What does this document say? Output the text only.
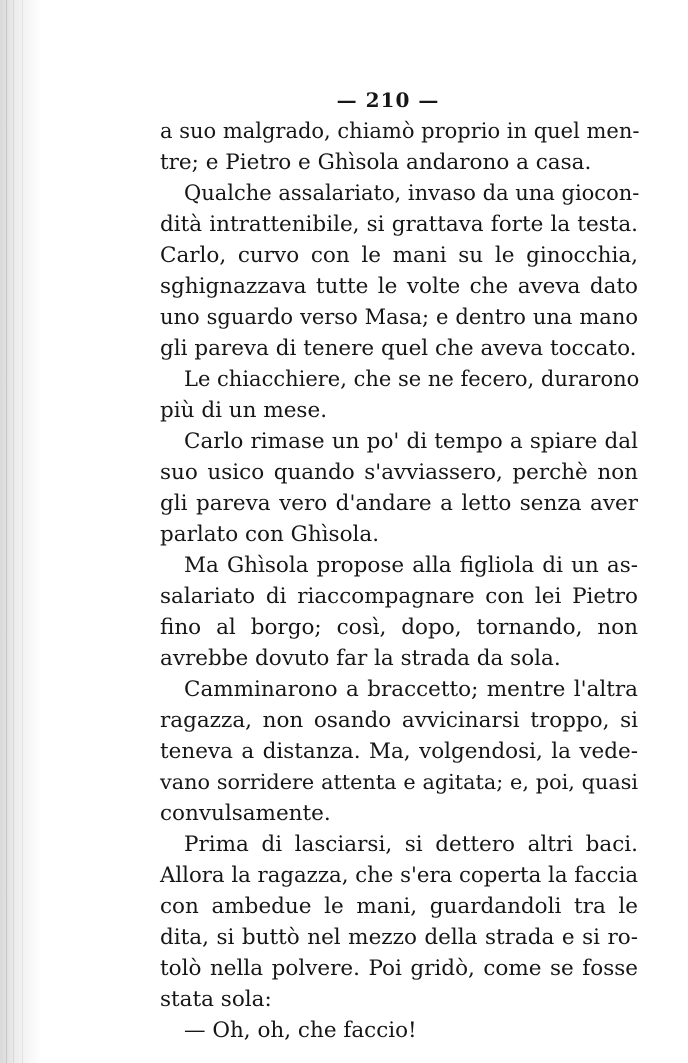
— 210 —
a suo malgrado, chiamò proprio in quel men-
tre; e Pietro e Ghìsola andarono a casa.
Qualche assalariato, invaso da una giocon-
dità intrattenibile, si grattava forte la testa.
Carlo, curvo con le mani su le ginocchia,
sghignazzava tutte le volte che aveva dato
uno sguardo verso Masa; e dentro una mano
gli pareva di tenere quel che aveva toccato.
Le chiacchiere, che se ne fecero, durarono
più di un mese.
Carlo rimase un po' di tempo a spiare dal
suo usico quando s'avviassero, perchè non
gli pareva vero d'andare a letto senza aver
parlato con Ghìsola.
Ma Ghìsola propose alla figliola di un as-
salariato di riaccompagnare con lei Pietro
fino al borgo; così, dopo, tornando, non
avrebbe dovuto far la strada da sola.
Camminarono a braccetto; mentre l'altra
ragazza, non osando avvicinarsi troppo, si
teneva a distanza. Ma, volgendosi, la vede-
vano sorridere attenta e agitata; e, poi, quasi
convulsamente.
Prima di lasciarsi, si dettero altri baci.
Allora la ragazza, che s'era coperta la faccia
con ambedue le mani, guardandoli tra le
dita, si buttò nel mezzo della strada e si ro-
tolò nella polvere. Poi gridò, come se fosse
stata sola:
— Oh, oh, che faccio!
